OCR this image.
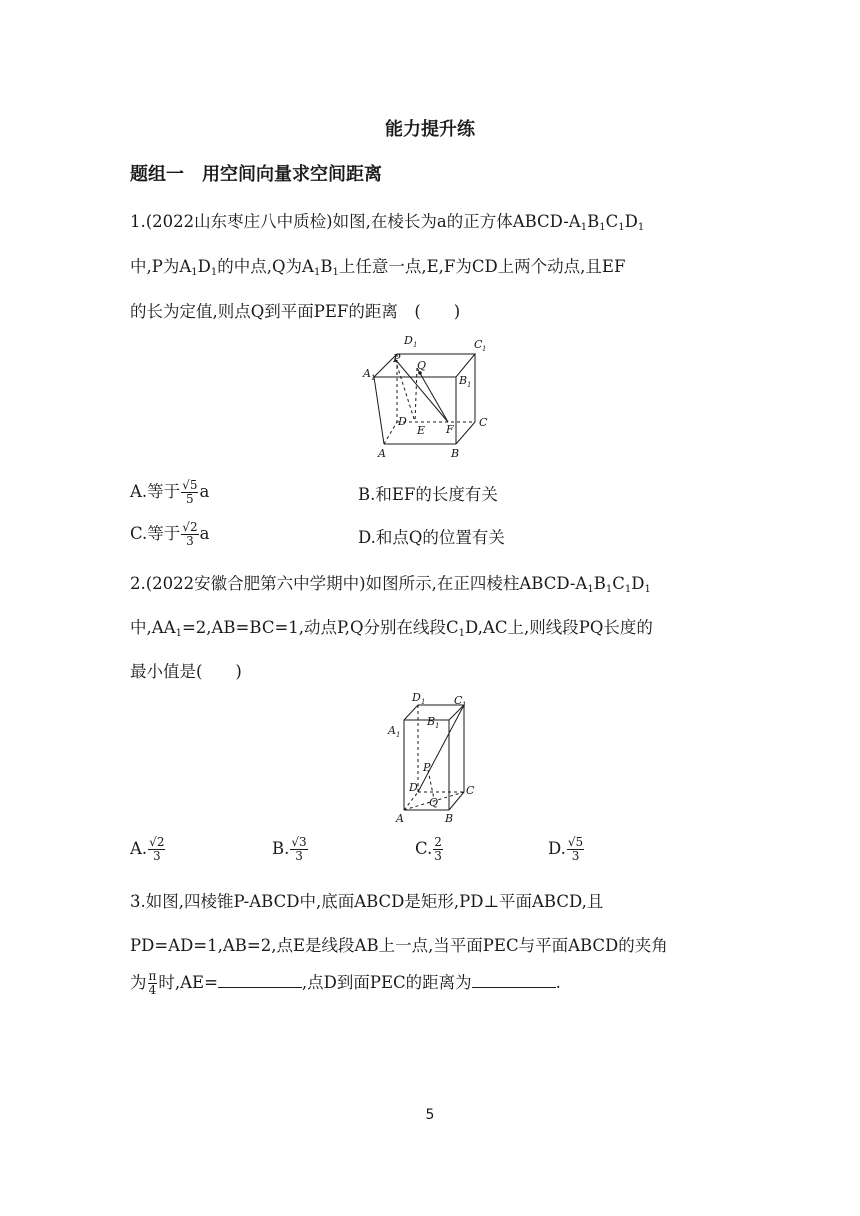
能力提升练
题组一　用空间向量求空间距离
1.(2022山东枣庄八中质检)如图,在棱长为a的正方体ABCD-$A_1B_1C_1D_1$
中,P为$A_1D_1$的中点,Q为$A_1B_1$上任意一点,E,F为CD上两个动点,且EF
的长为定值,则点Q到平面PEF的距离　(　　)
D 1	C 1
P
Q
A 1	B 1
D
E F
C
A	B
A.等于 $\frac{√5}{5}$ a	B.和EF的长度有关
C.等于 $\frac{√2}{3}$ a	D.和点Q的位置有关
2.(2022安徽合肥第六中学期中)如图所示,在正四棱柱ABCD-$A_1B_1C_1D_1$
中$,AA_1=2,AB=BC=1$,动点P,Q分别在线段$C_1D,AC$上,则线段PQ长度的
最小值是(　　)
D 1	C 1
B 1
A 1
P
D	C
Q
A	B
A. $\frac{√2}{3}$	B. $\frac{√3}{3}$	C. $\frac{2}{3}$	D. $\frac{√5}{3}$
3.如图,四棱锥P-ABCD中,底面ABCD是矩形,PD⊥平面ABCD,且
PD=AD=1,AB=2,点E是线段AB上一点,当平面PEC与平面ABCD的夹角
为 $\frac{\pi}{4}$ 时,AE=	,点D到面PEC的距离为	.
5
